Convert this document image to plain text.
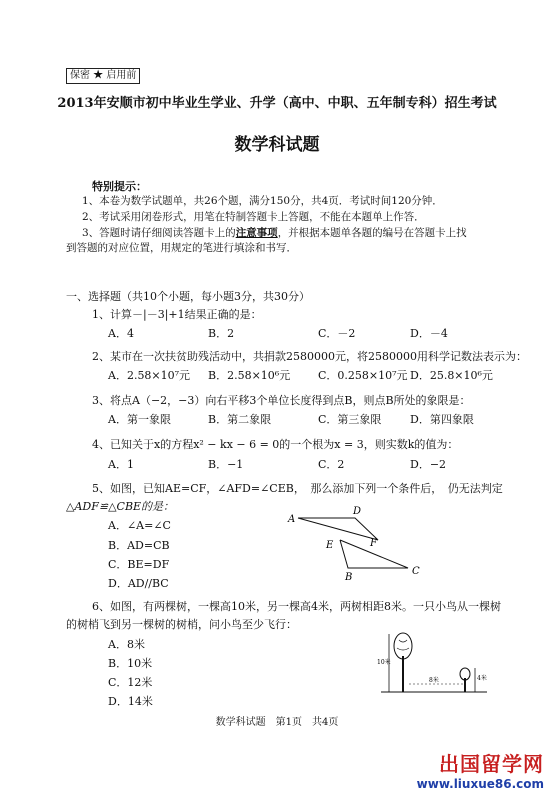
保密 ★ 启用前
2013年安顺市初中毕业生学业、升学（高中、中职、五年制专科）招生考试
数学科试题
特别提示：
1、本卷为数学试题单，共26个题，满分150分，共4页．考试时间120分钟．
2、考试采用闭卷形式，用笔在特制答题卡上答题，不能在本题单上作答．
3、答题时请仔细阅读答题卡上的注意事项，并根据本题单各题的编号在答题卡上找
到答题的对应位置，用规定的笔进行填涂和书写．
一、选择题（共10个小题，每小题3分，共30分）
1、计算－|－3|+1结果正确的是：
A．4	B．2	C．－2	D．－4
2、某市在一次扶贫助残活动中，共捐款2580000元，将2580000用科学记数法表示为：
A．2.58×10⁷元 B．2.58×10⁶元	C．0.258×10⁷元 D．25.8×10⁶元
3、将点A（−2，−3）向右平移3个单位长度得到点B，则点B所处的象限是：
A．第一象限	B．第二象限	C．第三象限	D．第四象限
4、已知关于x的方程x² − kx − 6 = 0的一个根为x = 3，则实数k的值为：
A．1	B．−1	C．2	D．−2
5、如图，已知AE=CF，∠AFD=∠CEB，　那么添加下列一个条件后，　仍无法判定
△ADF≌△CBE的是：
A．∠A=∠C
B．AD=CB
C．BE=DF
D．AD//BC
A
D
E	F
B
C
6、如图，有两棵树，一棵高10米，另一棵高4米，两树相距8米。一只小鸟从一棵树
的树梢飞到另一棵树的树梢，问小鸟至少飞行：
A．8米
B．10米
C．12米
D．14米
10米
8米	4米
数学科试题　第1页　共4页
出国留学网
www.liuxue86.com
